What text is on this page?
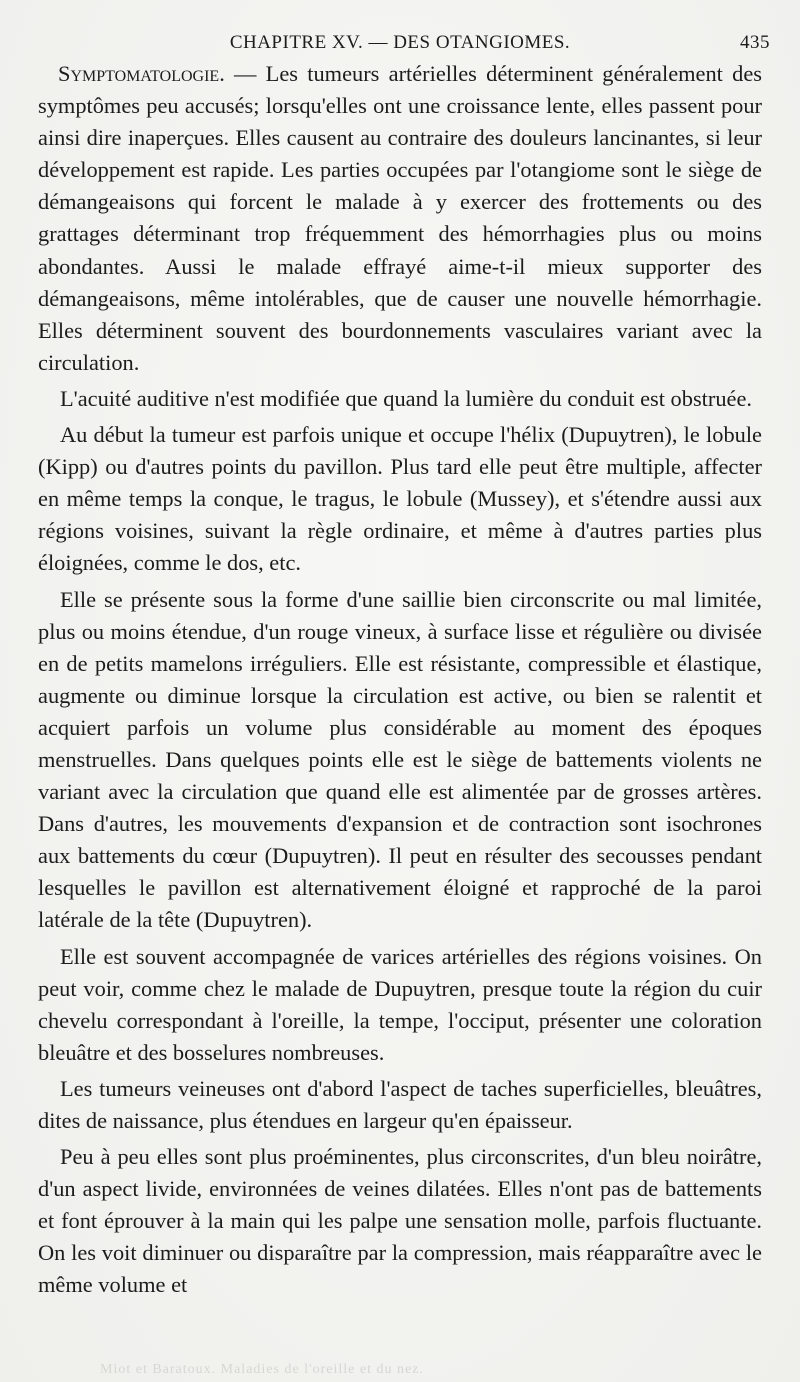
CHAPITRE XV. — DES OTANGIOMES.	435

Symptomatologie. — Les tumeurs artérielles déterminent généralement des symptômes peu accusés; lorsqu'elles ont une croissance lente, elles passent pour ainsi dire inaperçues. Elles causent au contraire des douleurs lancinantes, si leur développement est rapide. Les parties occupées par l'otangiome sont le siège de démangeaisons qui forcent le malade à y exercer des frottements ou des grattages déterminant trop fréquemment des hémorrhagies plus ou moins abondantes. Aussi le malade effrayé aime-t-il mieux supporter des démangeaisons, même intolérables, que de causer une nouvelle hémorrhagie. Elles déterminent souvent des bourdonnements vasculaires variant avec la circulation.

L'acuité auditive n'est modifiée que quand la lumière du conduit est obstruée.

Au début la tumeur est parfois unique et occupe l'hélix (Dupuytren), le lobule (Kipp) ou d'autres points du pavillon. Plus tard elle peut être multiple, affecter en même temps la conque, le tragus, le lobule (Mussey), et s'étendre aussi aux régions voisines, suivant la règle ordinaire, et même à d'autres parties plus éloignées, comme le dos, etc.

Elle se présente sous la forme d'une saillie bien circonscrite ou mal limitée, plus ou moins étendue, d'un rouge vineux, à surface lisse et régulière ou divisée en de petits mamelons irréguliers. Elle est résistante, compressible et élastique, augmente ou diminue lorsque la circulation est active, ou bien se ralentit et acquiert parfois un volume plus considérable au moment des époques menstruelles. Dans quelques points elle est le siège de battements violents ne variant avec la circulation que quand elle est alimentée par de grosses artères. Dans d'autres, les mouvements d'expansion et de contraction sont isochrones aux battements du cœur (Dupuytren). Il peut en résulter des secousses pendant lesquelles le pavillon est alternativement éloigné et rapproché de la paroi latérale de la tête (Dupuytren).

Elle est souvent accompagnée de varices artérielles des régions voisines. On peut voir, comme chez le malade de Dupuytren, presque toute la région du cuir chevelu correspondant à l'oreille, la tempe, l'occiput, présenter une coloration bleuâtre et des bosselures nombreuses.

Les tumeurs veineuses ont d'abord l'aspect de taches superficielles, bleuâtres, dites de naissance, plus étendues en largeur qu'en épaisseur.

Peu à peu elles sont plus proéminentes, plus circonscrites, d'un bleu noirâtre, d'un aspect livide, environnées de veines dilatées. Elles n'ont pas de battements et font éprouver à la main qui les palpe une sensation molle, parfois fluctuante. On les voit diminuer ou disparaître par la compression, mais réapparaître avec le même volume et

Miot et Baratoux. Maladies de l'oreille et du nez.
